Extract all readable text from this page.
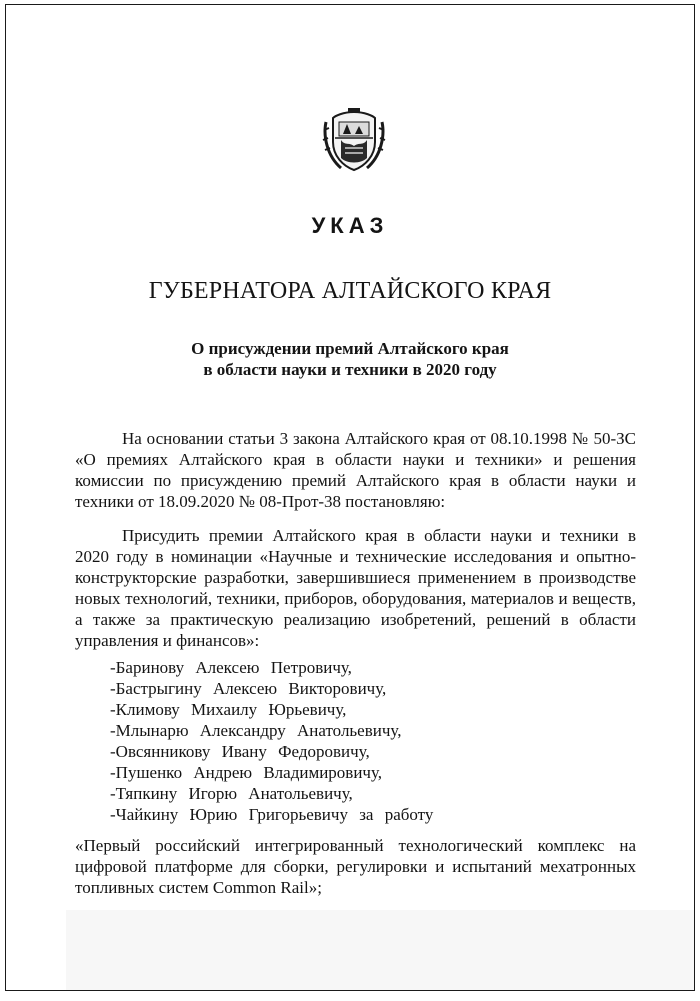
УКАЗ
ГУБЕРНАТОРА АЛТАЙСКОГО КРАЯ
О присуждении премий Алтайского края
в области науки и техники в 2020 году
На основании статьи 3 закона Алтайского края от 08.10.1998 № 50-ЗС
«О премиях Алтайского края в области науки и техники» и решения
комиссии по присуждению премий Алтайского края в области науки и
техники от 18.09.2020 № 08-Прот-38 постановляю:
Присудить премии Алтайского края в области науки и техники в
2020 году в номинации «Научные и технические исследования и опытно-
конструкторские разработки, завершившиеся применением в производстве
новых технологий, техники, приборов, оборудования, материалов и веществ,
а также за практическую реализацию изобретений, решений в области
управления и финансов»:
-Баринову Алексею Петровичу,
-Бастрыгину Алексею Викторовичу,
-Климову Михаилу Юрьевичу,
-Млынарю Александру Анатольевичу,
-Овсянникову Ивану Федоровичу,
-Пушенко Андрею Владимировичу,
-Тяпкину Игорю Анатольевичу,
-Чайкину Юрию Григорьевичу за работу
«Первый российский интегрированный технологический комплекс на
цифровой платформе для сборки, регулировки и испытаний мехатронных
топливных систем Common Rail»;
